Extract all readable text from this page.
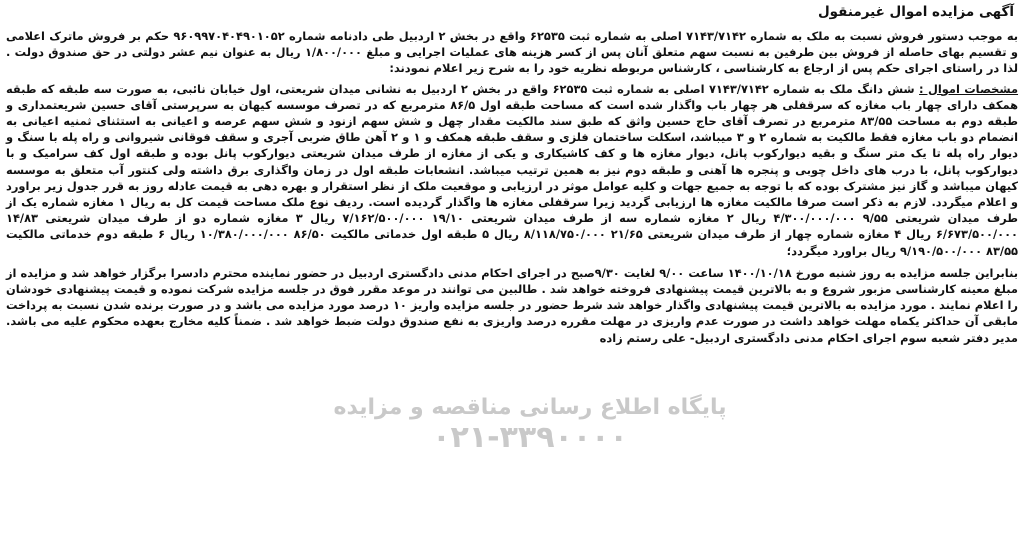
پایگاه اطلاع رسانی مناقصه و مزایده
۰۲۱-۳۳۹۰۰۰۰
آگهی مزایده اموال غیرمنقول

به موجب دستور فروش نسبت به ملک به شماره ۷۱۴۳/۷۱۴۲ اصلی به شماره ثبت ۶۲۵۳۵ واقع در بخش ۲ اردبیل طی دادنامه شماره ۹۶۰۹۹۷۰۴۰۴۹۰۱۰۵۲ حکم بر فروش ماترک اعلامی و تقسیم بهای حاصله از فروش بین طرفین به نسبت سهم متعلق آنان پس از کسر هزینه های عملیات اجرایی و مبلغ ۱/۸۰۰/۰۰۰ ریال به عنوان نیم عشر دولتی در حق صندوق دولت . لذا در راستای اجرای حکم پس از ارجاع به کارشناسی ، کارشناس مربوطه نظریه خود را به شرح زیر اعلام نمودند:

مشخصات اموال : شش دانگ ملک به شماره ۷۱۴۳/۷۱۴۲ اصلی به شماره ثبت ۶۲۵۳۵ واقع در بخش ۲ اردبیل به نشانی میدان شریعتی، اول خیابان نائبی، به صورت سه طبقه که طبقه همکف دارای چهار باب مغازه که سرقفلی هر چهار باب واگذار شده است که مساحت طبقه اول ۸۶/۵ مترمربع که در تصرف موسسه کیهان به سرپرستی آقای حسین شریعتمداری و طبقه دوم به مساحت ۸۳/۵۵ مترمربع در تصرف آقای حاج حسین واثق که طبق سند مالکیت مقدار چهل و شش سهم ازنود و شش سهم عرصه و اعیانی به استثنای ثمنیه اعیانی به انضمام دو باب مغازه فقط مالکیت به شماره ۲ و ۳ میباشد، اسکلت ساختمان فلزی و سقف طبقه همکف و ۱ و ۲ آهن طاق ضربی آجری و سقف فوقانی شیروانی و راه پله با سنگ و دیوار راه پله تا یک متر سنگ و بقیه دیوارکوب پانل، دیوار مغازه ها و کف کاشیکاری و یکی از مغازه از طرف میدان شریعتی دیوارکوب پانل بوده و طبقه اول کف سرامیک و با دیوارکوب پانل، با درب های داخل چوبی و پنجره ها آهنی و طبقه دوم نیز به همین ترتیب میباشد. انشعابات طبقه اول در زمان واگذاری برق داشته ولی کنتور آب متعلق به موسسه کیهان میباشد و گاز نیز مشترک بوده که با توجه به جمیع جهات و کلیه عوامل موثر در ارزیابی و موقعیت ملک از نظر استقرار و بهره دهی به قیمت عادله روز به قرر جدول زیر براورد و اعلام میگردد. لازم به ذکر است صرفا مالکیت مغازه ها ارزیابی گردید زیرا سرقفلی مغازه ها واگذار گردیده است. ردیف نوع ملک مساحت قیمت کل به ریال ۱ مغازه شماره یک از طرف میدان شریعتی ۹/۵۵ ۴/۳۰۰/۰۰۰/۰۰۰ ریال ۲ مغازه شماره سه از طرف میدان شریعتی ۱۹/۱۰ ۷/۱۶۲/۵۰۰/۰۰۰ ریال ۳ مغازه شماره دو از طرف میدان شریعتی ۱۴/۸۳ ۶/۶۷۳/۵۰۰/۰۰۰ ریال ۴ مغازه شماره چهار از طرف میدان شریعتی ۲۱/۶۵ ۸/۱۱۸/۷۵۰/۰۰۰ ریال ۵ طبقه اول خدماتی مالکیت ۸۶/۵۰ ۱۰/۳۸۰/۰۰۰/۰۰۰ ریال ۶ طبقه دوم خدماتی مالکیت ۸۳/۵۵ ۹/۱۹۰/۵۰۰/۰۰۰ ریال براورد میگردد؛

بنابراین جلسه مزایده به روز شنبه مورخ ۱۴۰۰/۱۰/۱۸ ساعت ۹/۰۰ لغایت ۹/۳۰صبح در اجرای احکام مدنی دادگستری اردبیل در حضور نماینده محترم دادسرا برگزار خواهد شد و مزایده از مبلغ معینه کارشناسی مزبور شروع و به بالاترین قیمت پیشنهادی فروخته خواهد شد . طالبین می توانند در موعد مقرر فوق در جلسه مزایده شرکت نموده و قیمت پیشنهادی خودشان را اعلام نمایند . مورد مزایده به بالاترین قیمت پیشنهادی واگذار خواهد شد شرط حضور در جلسه مزایده واریز ۱۰ درصد مورد مزایده می باشد و در صورت برنده شدن نسبت به پرداخت مابقی آن حداکثر یکماه مهلت خواهد داشت در صورت عدم واریزی در مهلت مقرره درصد واریزی به نفع صندوق دولت ضبط خواهد شد . ضمناً کلیه مخارج بعهده محکوم علیه می باشد. مدیر دفتر شعبه سوم اجرای احکام مدنی دادگستری اردبیل- علی رستم زاده
